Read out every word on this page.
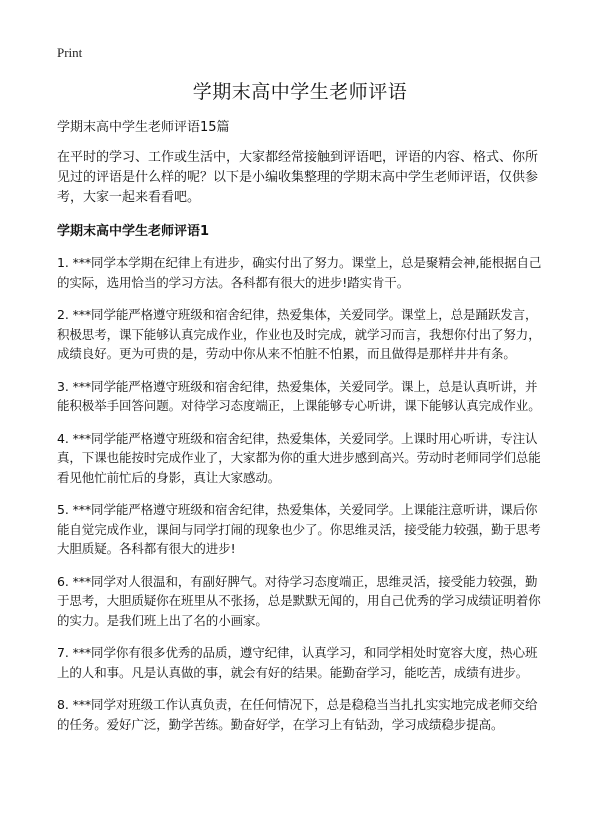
Print
学期末高中学生老师评语

学期末高中学生老师评语15篇

在平时的学习、工作或生活中，大家都经常接触到评语吧，评语的内容、格式、你所见过的评语是什么样的呢？以下是小编收集整理的学期末高中学生老师评语，仅供参考，大家一起来看看吧。

学期末高中学生老师评语1

1. ***同学本学期在纪律上有进步，确实付出了努力。课堂上，总是聚精会神,能根据自己的实际，选用恰当的学习方法。各科都有很大的进步!踏实肯干。

2. ***同学能严格遵守班级和宿舍纪律，热爱集体，关爱同学。课堂上，总是踊跃发言，积极思考，课下能够认真完成作业，作业也及时完成，就学习而言，我想你付出了努力，成绩良好。更为可贵的是，劳动中你从来不怕脏不怕累，而且做得是那样井井有条。

3. ***同学能严格遵守班级和宿舍纪律，热爱集体，关爱同学。课上，总是认真听讲，并能积极举手回答问题。对待学习态度端正，上课能够专心听讲，课下能够认真完成作业。

4. ***同学能严格遵守班级和宿舍纪律，热爱集体，关爱同学。上课时用心听讲，专注认真，下课也能按时完成作业了，大家都为你的重大进步感到高兴。劳动时老师同学们总能看见他忙前忙后的身影，真让大家感动。

5. ***同学能严格遵守班级和宿舍纪律，热爱集体，关爱同学。上课能注意听讲，课后你能自觉完成作业，课间与同学打闹的现象也少了。你思维灵活，接受能力较强，勤于思考大胆质疑。各科都有很大的进步!

6. ***同学对人很温和，有副好脾气。对待学习态度端正，思维灵活，接受能力较强，勤于思考，大胆质疑你在班里从不张扬，总是默默无闻的，用自己优秀的学习成绩证明着你的实力。是我们班上出了名的小画家。

7. ***同学你有很多优秀的品质，遵守纪律，认真学习，和同学相处时宽容大度，热心班上的人和事。凡是认真做的事，就会有好的结果。能勤奋学习，能吃苦，成绩有进步。

8. ***同学对班级工作认真负责，在任何情况下，总是稳稳当当扎扎实实地完成老师交给的任务。爱好广泛，勤学苦练。勤奋好学，在学习上有钻劲，学习成绩稳步提高。
